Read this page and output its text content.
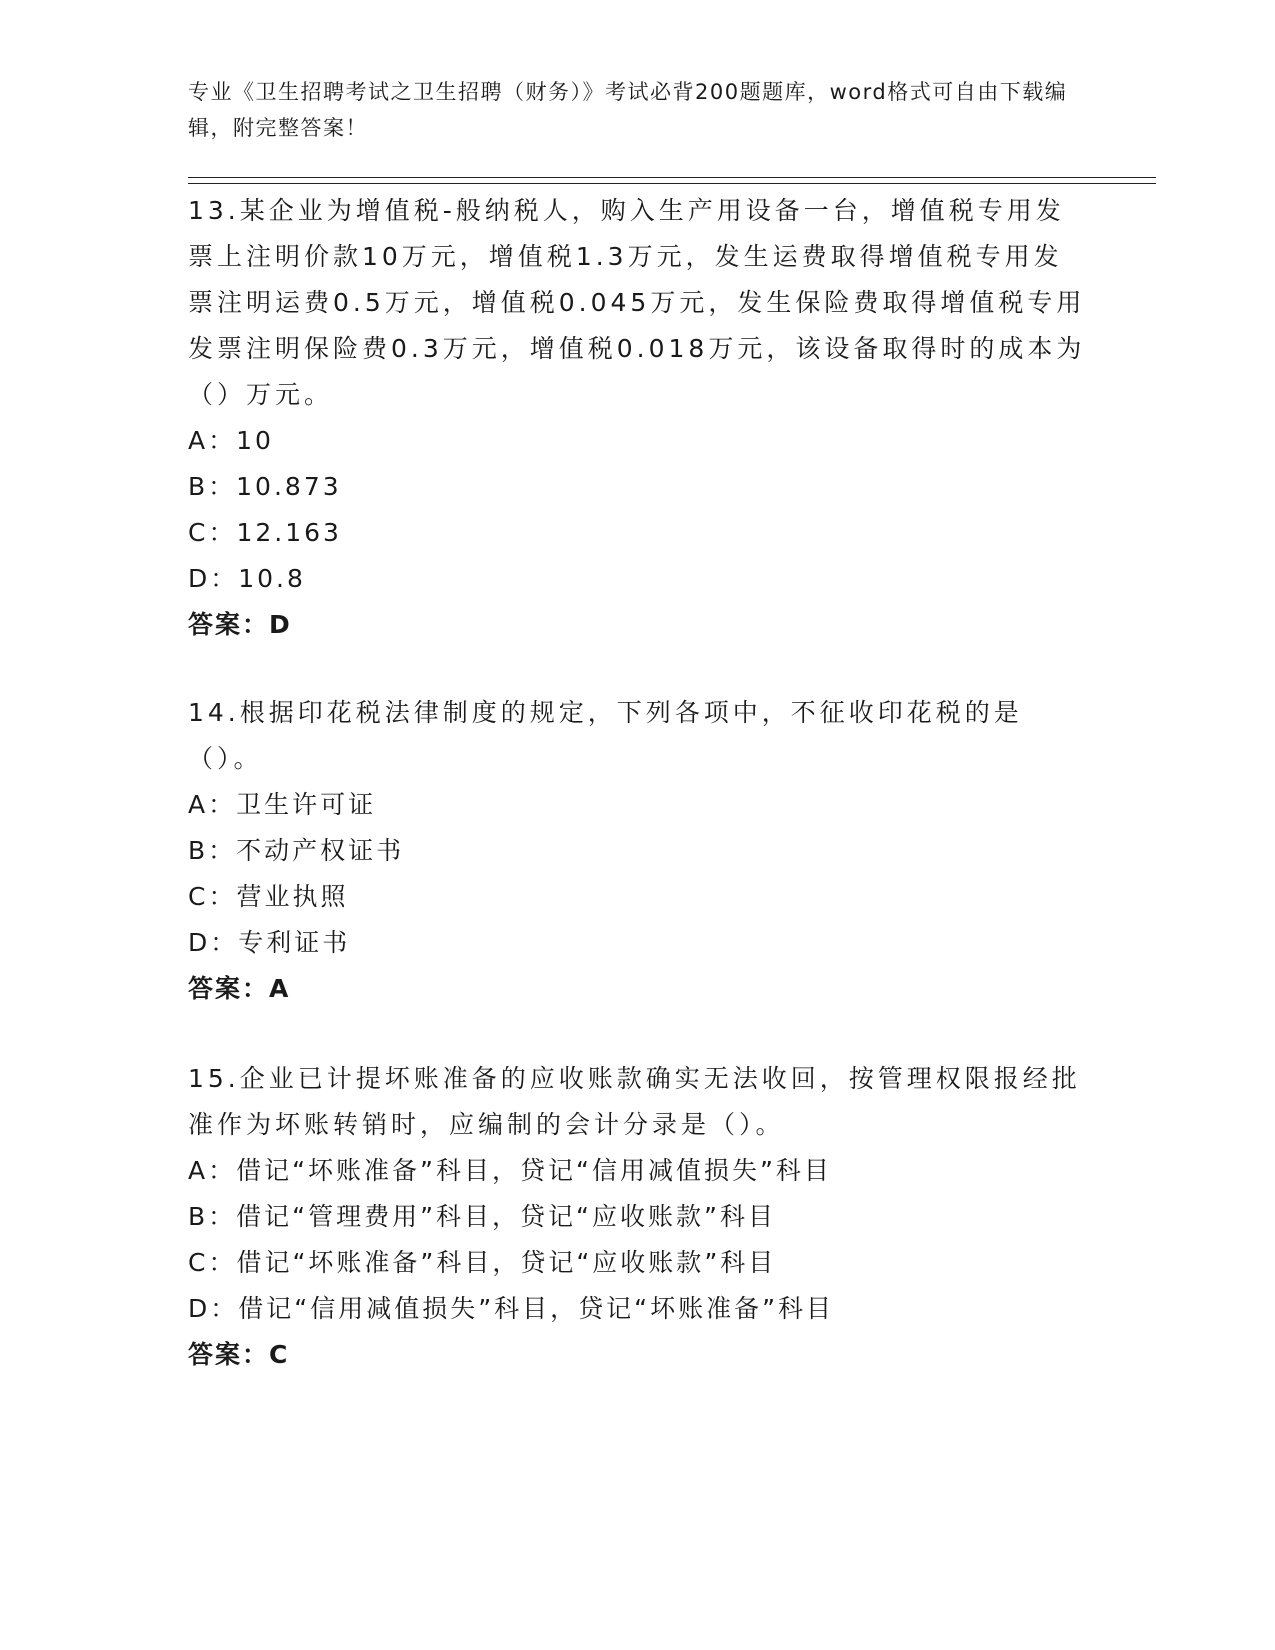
专业《卫生招聘考试之卫生招聘（财务）》考试必背200题题库，word格式可自由下载编辑，附完整答案！

13.某企业为增值税-般纳税人，购入生产用设备一台，增值税专用发票上注明价款10万元，增值税1.3万元，发生运费取得增值税专用发票注明运费0.5万元，增值税0.045万元，发生保险费取得增值税专用发票注明保险费0.3万元，增值税0.018万元，该设备取得时的成本为（）万元。

A：10

B：10.873

C：12.163

D：10.8

答案：D

14.根据印花税法律制度的规定，下列各项中，不征收印花税的是（）。

A：卫生许可证

B：不动产权证书

C：营业执照

D：专利证书

答案：A

15.企业已计提坏账准备的应收账款确实无法收回，按管理权限报经批准作为坏账转销时，应编制的会计分录是（）。

A：借记“坏账准备”科目，贷记“信用减值损失”科目

B：借记“管理费用”科目，贷记“应收账款”科目

C：借记“坏账准备”科目，贷记“应收账款”科目

D：借记“信用减值损失”科目，贷记“坏账准备”科目

答案：C
